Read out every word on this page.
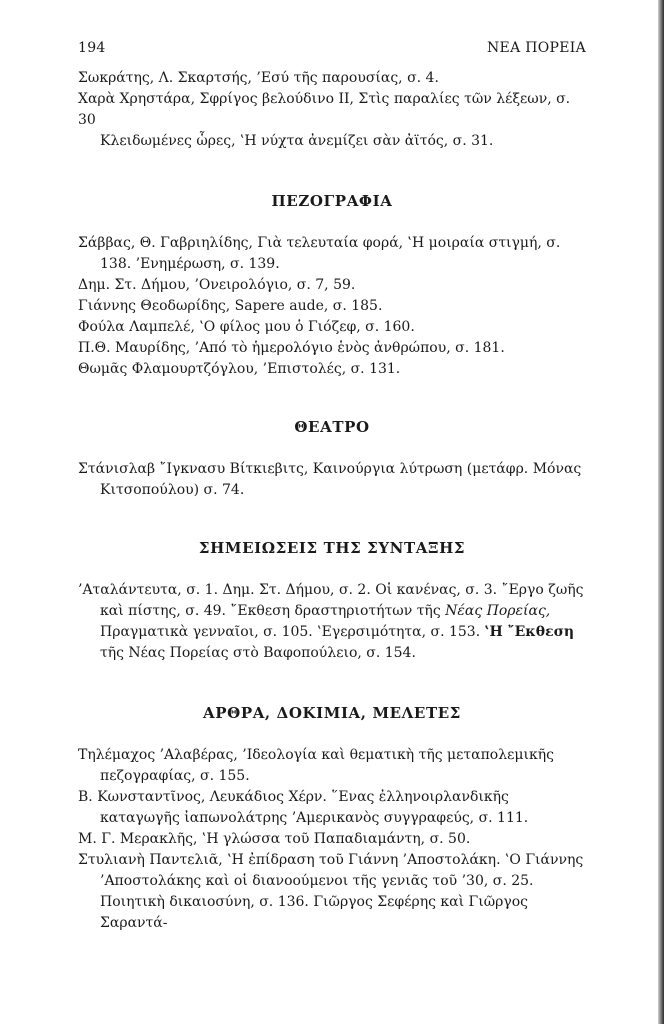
194	ΝΕΑ ΠΟΡΕΙΑ

Σωκράτης, Λ. Σκαρτσής, ’Εσύ τῆς παρουσίας, σ. 4.

Χαρὰ Χρηστάρα, Σφρίγος βελούδινο ΙΙ, Στὶς παραλίες τῶν λέξεων, σ. 30

Κλειδωμένες ὧρες, ‛Η νύχτα ἀνεμίζει σὰν ἀϊτός, σ. 31.

ΠΕΖΟΓΡΑΦΙΑ

Σάββας, Θ. Γαβριηλίδης, Γιὰ τελευταία φορά, ‛Η μοιραία στιγμή, σ. 138. ’Ενημέρωση, σ. 139.

Δημ. Στ. Δήμου, ’Ονειρολόγιο, σ. 7, 59.

Γιάννης Θεοδωρίδης, Sapere aude, σ. 185.

Φούλα Λαμπελέ, ‛Ο φίλος μου ὁ Γιόζεφ, σ. 160.

Π.Θ. Μαυρίδης, ’Από τὸ ἡμερολόγιο ἑνὸς ἀνθρώπου, σ. 181.

Θωμᾶς Φλαμουρτζόγλου, ’Επιστολές, σ. 131.

ΘΕΑΤΡΟ

Στάνισλαβ ῎Ιγκνασυ Βίτκιεβιτς, Καινούργια λύτρωση (μετάφρ. Μόνας Κιτσοπούλου) σ. 74.

ΣΗΜΕΙΩΣΕΙΣ ΤΗΣ ΣΥΝΤΑΞΗΣ

’Αταλάντευτα, σ. 1. Δημ. Στ. Δήμου, σ. 2. Οἱ κανένας, σ. 3. ῎Εργο ζωῆς καὶ πίστης, σ. 49. ῎Εκθεση δραστηριοτήτων τῆς Νέας Πορείας, Πραγματικὰ γενναῖοι, σ. 105. ‛Εγερσιμότητα, σ. 153. ‛Η ῎Εκθεση τῆς Νέας Πορείας στὸ Βαφοπούλειο, σ. 154.

ΑΡΘΡΑ, ΔΟΚΙΜΙΑ, ΜΕΛΕΤΕΣ

Τηλέμαχος ’Αλαβέρας, ’Ιδεολογία καὶ θεματικὴ τῆς μεταπολεμικῆς πεζογραφίας, σ. 155.

Β. Κωνσταντῖνος, Λευκάδιος Χέρν. ῞Ενας ἐλληνοιρλανδικῆς καταγωγῆς ἰαπωνολάτρης ’Αμερικανὸς συγγραφεύς, σ. 111.

Μ. Γ. Μερακλῆς, ‛Η γλώσσα τοῦ Παπαδιαμάντη, σ. 50.

Στυλιανὴ Παντελιᾶ, ‛Η ἐπίδραση τοῦ Γιάννη ’Αποστολάκη. ‛Ο Γιάννης ’Αποστολάκης καὶ οἱ διανοούμενοι τῆς γενιᾶς τοῦ ’30, σ. 25. Ποιητικὴ δικαιοσύνη, σ. 136. Γιῶργος Σεφέρης καὶ Γιῶργος Σαραντά-
